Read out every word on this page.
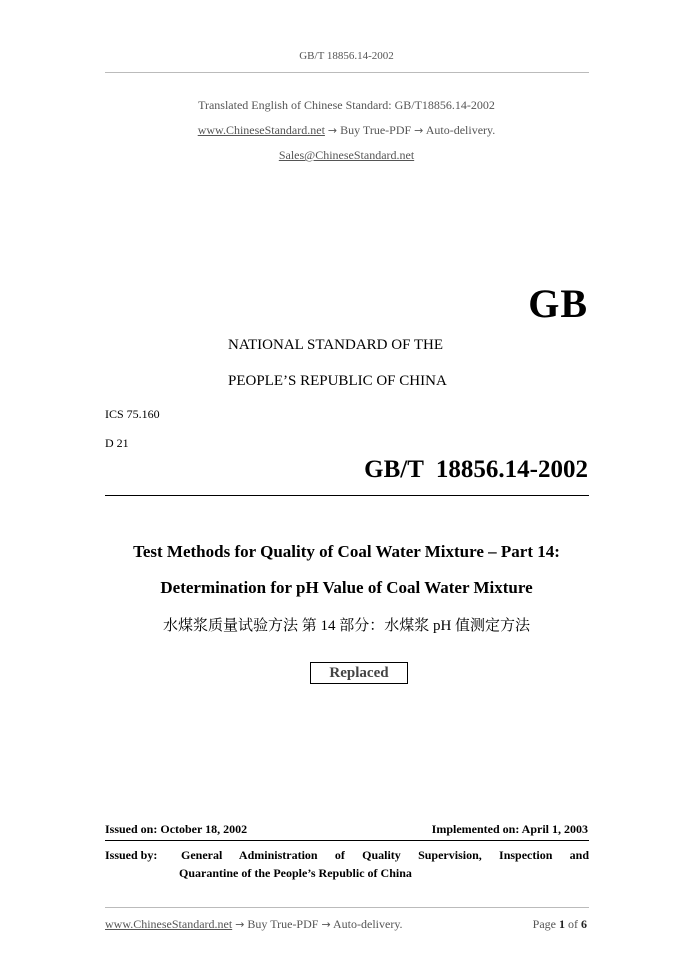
GB/T 18856.14-2002
Translated English of Chinese Standard: GB/T18856.14-2002
www.ChineseStandard.net → Buy True-PDF → Auto-delivery.
Sales@ChineseStandard.net
GB
NATIONAL STANDARD OF THE
PEOPLE’S REPUBLIC OF CHINA
ICS 75.160
D 21
GB/T  18856.14-2002
Test Methods for Quality of Coal Water Mixture – Part 14:
Determination for pH Value of Coal Water Mixture
水煤浆质量试验方法 第 14 部分：水煤浆 pH 值测定方法
Replaced
Issued on: October 18, 2002	Implemented on: April 1, 2003
Issued by: General Administration of Quality Supervision, Inspection and
Quarantine of the People’s Republic of China
www.ChineseStandard.net → Buy True-PDF → Auto-delivery.	Page 1 of 6
